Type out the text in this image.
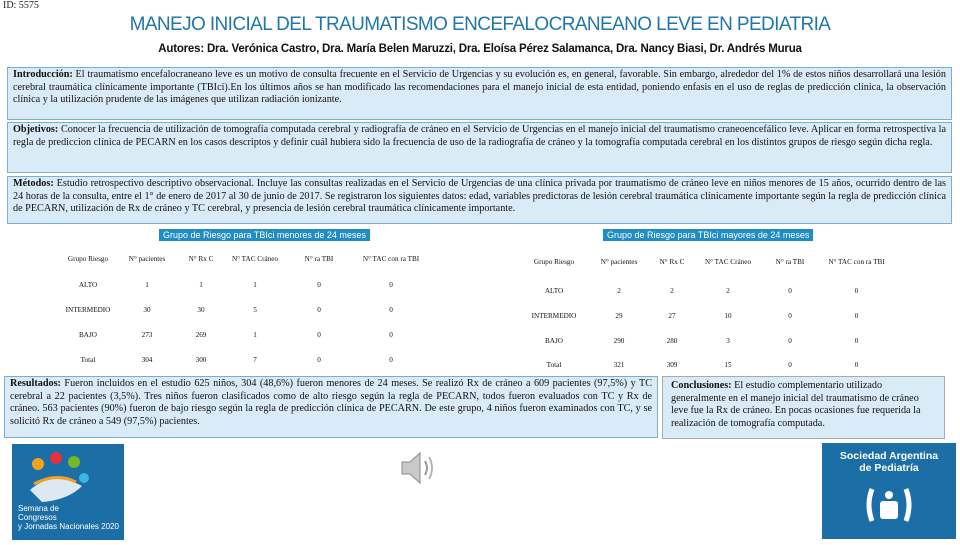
ID: 5575
MANEJO INICIAL DEL TRAUMATISMO ENCEFALOCRANEANO LEVE EN PEDIATRIA
Autores: Dra. Verónica Castro, Dra. María Belen Maruzzi, Dra. Eloísa Pérez Salamanca, Dra. Nancy Biasi, Dr. Andrés Murua
Introducción: El traumatismo encefalocraneano leve es un motivo de consulta frecuente en el Servicio de Urgencias y su evolución es, en general, favorable. Sin embargo, alrededor del 1% de estos niños desarrollará una lesión cerebral traumática clínicamente importante (TBIci).En los últimos años se han modificado las recomendaciones para el manejo inicial de esta entidad, poniendo enfasis en el uso de reglas de predicción clínica, la observación clínica y la utilización prudente de las imágenes que utilizan radiación ionizante.
Objetivos: Conocer la frecuencia de utilización de tomografía computada cerebral y radiografía de cráneo en el Servicio de Urgencias en el manejo inicial del traumatismo craneoencefálico leve. Aplicar en forma retrospectiva la regla de prediccion clínica de PECARN en los casos descriptos y definir cuál hubiera sido la frecuencia de uso de la radiografía de cráneo y la tomografía computada cerebral en los distintos grupos de riesgo según dicha regla.
Métodos: Estudio retrospectivo descriptivo observacional. Incluye las consultas realizadas en el Servicio de Urgencias de una clínica privada por traumatismo de cráneo leve en niños menores de 15 años, ocurrido dentro de las 24 horas de la consulta, entre el 1° de enero de 2017 al 30 de junio de 2017. Se registraron los siguientes datos: edad, variables predictoras de lesión cerebral traumática clínicamente importante según la regla de predicción clínica de PECARN, utilización de Rx de cráneo y TC cerebral, y presencia de lesión cerebral traumática clínicamente importante.
Grupo de Riesgo para TBIci menores de 24 meses
Grupo Riesgo	N° pacientes	N° Rx C	N° TAC Cráneo	N° ra TBI	N° TAC con ra TBI
ALTO	1	1	1	0	0
INTERMEDIO	30	30	5	0	0
BAJO	273	269	1	0	0
Total	304	300	7	0	0
Grupo de Riesgo para TBIci mayores de 24 meses
Grupo Riesgo	N° pacientes	N° Rx C	N° TAC Cráneo	N° ra TBI	N° TAC con ra TBI
ALTO	2	2	2	0	0
INTERMEDIO	29	27	10	0	0
BAJO	290	280	3	0	0
Total	321	309	15	0	0
Resultados: Fueron incluidos en el estudio 625 niños, 304 (48,6%) fueron menores de 24 meses. Se realizó Rx de cráneo a 609 pacientes (97,5%) y TC cerebral a 22 pacientes (3,5%). Tres niños fueron clasificados como de alto riesgo según la regla de PECARN, todos fueron evaluados con TC y Rx de cráneo. 563 pacientes (90%) fueron de bajo riesgo según la regla de predicción clínica de PECARN. De este grupo, 4 niños fueron examinados con TC, y se solicitó Rx de cráneo a 549 (97,5%) pacientes.
Conclusiones: El estudio complementario utilizado generalmente en el manejo inicial del traumatismo de cráneo leve fue la Rx de cráneo. En pocas ocasiones fue requerida la realización de tomografía computada.
Semana de
Congresos
y Jornadas Nacionales 2020
Sociedad Argentina
de Pediatría
